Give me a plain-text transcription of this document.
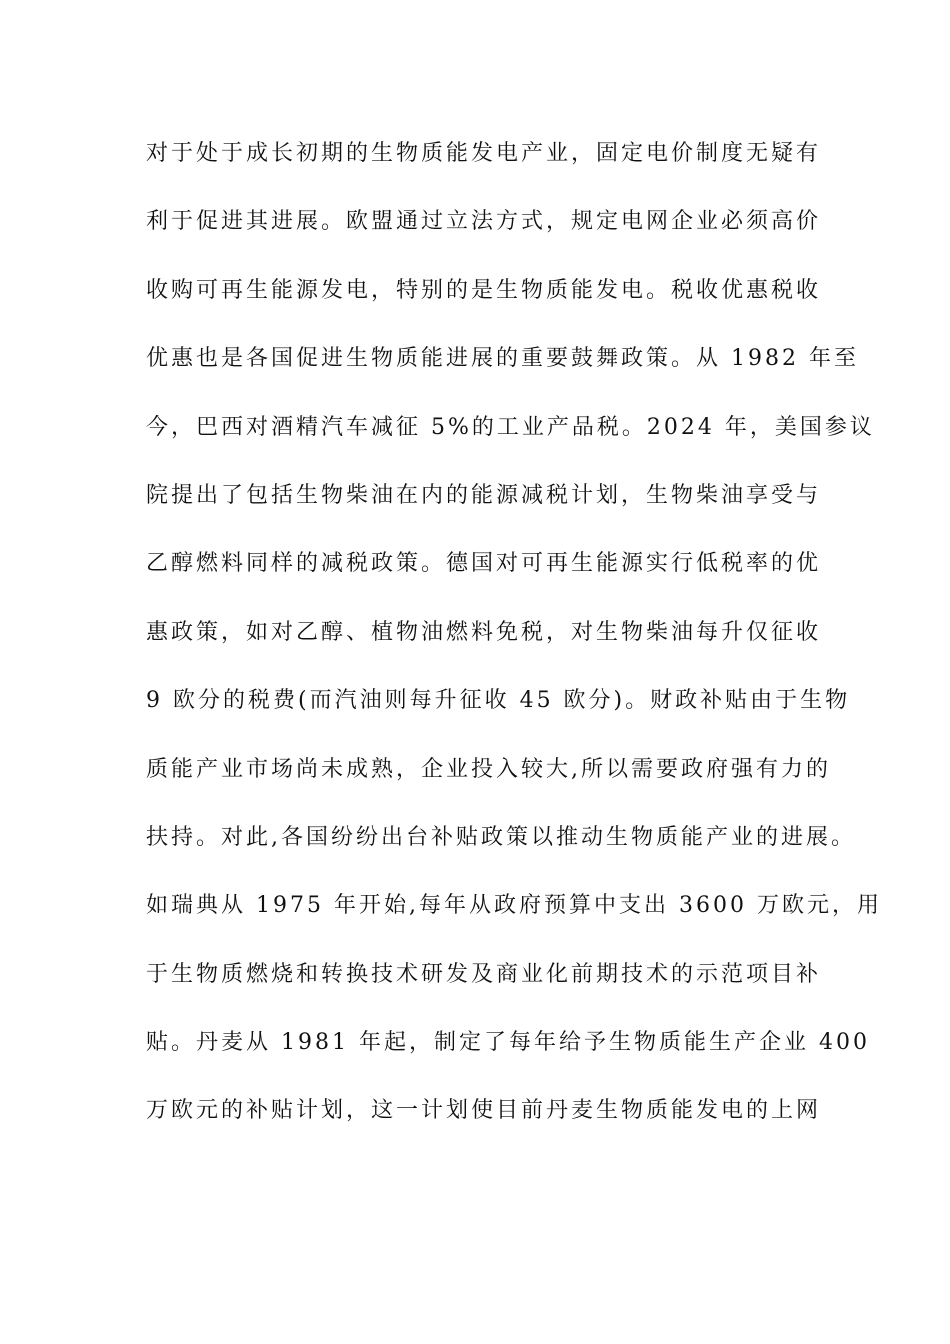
对于处于成长初期的生物质能发电产业，固定电价制度无疑有
利于促进其进展。欧盟通过立法方式，规定电网企业必须高价
收购可再生能源发电，特别的是生物质能发电。税收优惠税收
优惠也是各国促进生物质能进展的重要鼓舞政策。从 1982 年至
今，巴西对酒精汽车减征 5%的工业产品税。2024 年，美国参议
院提出了包括生物柴油在内的能源减税计划，生物柴油享受与
乙醇燃料同样的减税政策。德国对可再生能源实行低税率的优
惠政策，如对乙醇、植物油燃料免税，对生物柴油每升仅征收
9 欧分的税费(而汽油则每升征收 45 欧分)。财政补贴由于生物
质能产业市场尚未成熟，企业投入较大,所以需要政府强有力的
扶持。对此,各国纷纷出台补贴政策以推动生物质能产业的进展。
如瑞典从 1975 年开始,每年从政府预算中支出 3600 万欧元，用
于生物质燃烧和转换技术研发及商业化前期技术的示范项目补
贴。丹麦从 1981 年起，制定了每年给予生物质能生产企业 400
万欧元的补贴计划，这一计划使目前丹麦生物质能发电的上网
